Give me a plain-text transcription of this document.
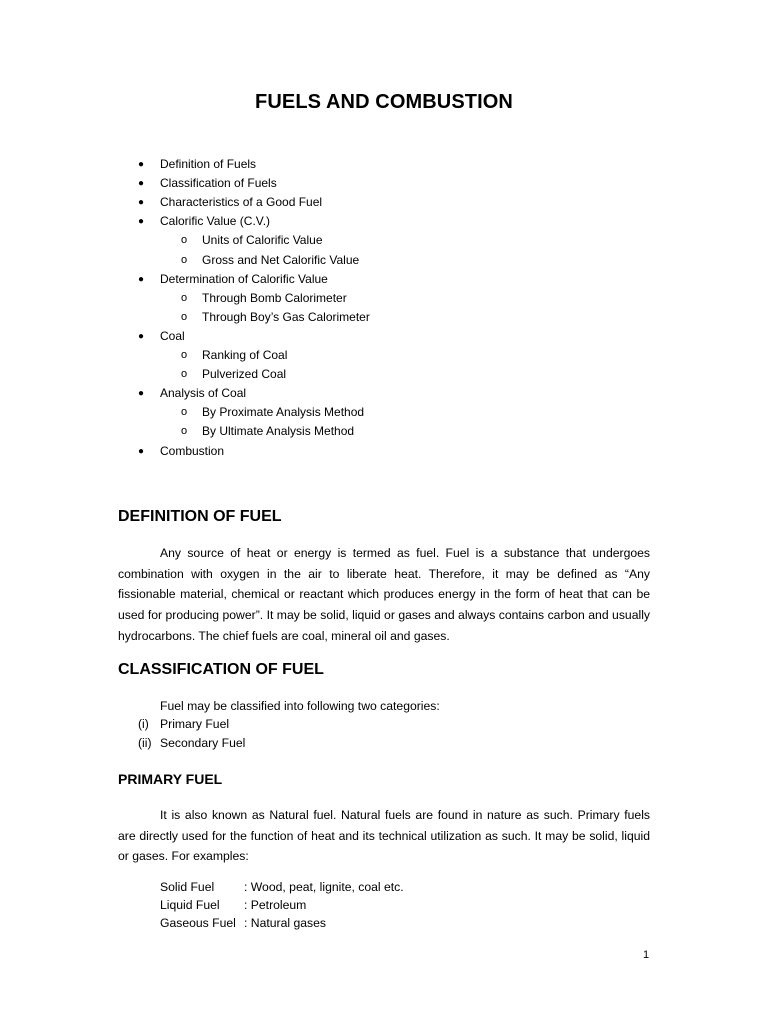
FUELS AND COMBUSTION
● Definition of Fuels
● Classification of Fuels
● Characteristics of a Good Fuel
● Calorific Value (C.V.)
o Units of Calorific Value
o Gross and Net Calorific Value
● Determination of Calorific Value
o Through Bomb Calorimeter
o Through Boy’s Gas Calorimeter
● Coal
o Ranking of Coal
o Pulverized Coal
● Analysis of Coal
o By Proximate Analysis Method
o By Ultimate Analysis Method
● Combustion
DEFINITION OF FUEL

Any source of heat or energy is termed as fuel. Fuel is a substance that undergoes combination with oxygen in the air to liberate heat. Therefore, it may be defined as “Any fissionable material, chemical or reactant which produces energy in the form of heat that can be used for producing power”. It may be solid, liquid or gases and always contains carbon and usually hydrocarbons. The chief fuels are coal, mineral oil and gases.

CLASSIFICATION OF FUEL
Fuel may be classified into following two categories:
(i) Primary Fuel
(ii) Secondary Fuel
PRIMARY FUEL

It is also known as Natural fuel. Natural fuels are found in nature as such. Primary fuels are directly used for the function of heat and its technical utilization as such. It may be solid, liquid or gases. For examples:

Solid Fuel : Wood, peat, lignite, coal etc.
Liquid Fuel : Petroleum
Gaseous Fuel : Natural gases
1
